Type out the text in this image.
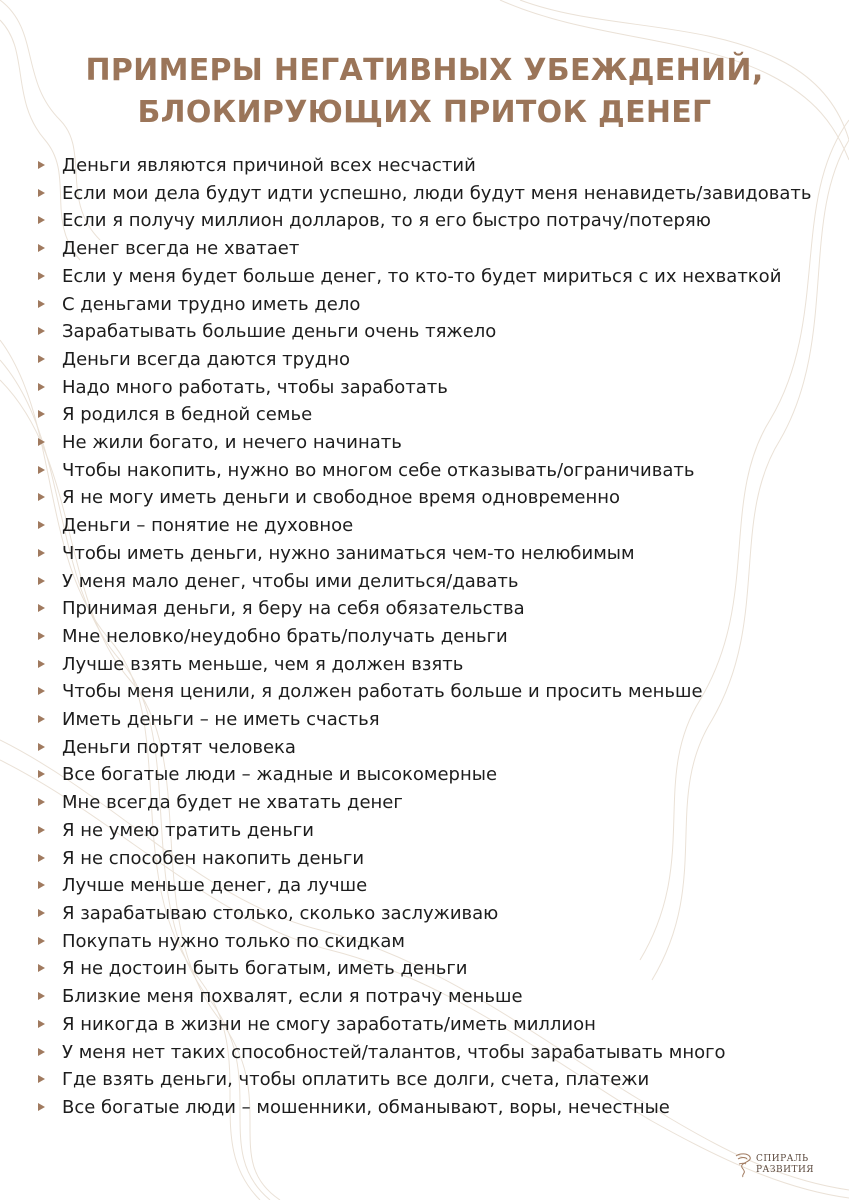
ПРИМЕРЫ НЕГАТИВНЫХ УБЕЖДЕНИЙ,
БЛОКИРУЮЩИХ ПРИТОК ДЕНЕГ
Деньги являются причиной всех несчастий
Если мои дела будут идти успешно, люди будут меня ненавидеть/завидовать
Если я получу миллион долларов, то я его быстро потрачу/потеряю
Денег всегда не хватает
Если у меня будет больше денег, то кто-то будет мириться с их нехваткой
С деньгами трудно иметь дело
Зарабатывать большие деньги очень тяжело
Деньги всегда даются трудно
Надо много работать, чтобы заработать
Я родился в бедной семье
Не жили богато, и нечего начинать
Чтобы накопить, нужно во многом себе отказывать/ограничивать
Я не могу иметь деньги и свободное время одновременно
Деньги – понятие не духовное
Чтобы иметь деньги, нужно заниматься чем-то нелюбимым
У меня мало денег, чтобы ими делиться/давать
Принимая деньги, я беру на себя обязательства
Мне неловко/неудобно брать/получать деньги
Лучше взять меньше, чем я должен взять
Чтобы меня ценили, я должен работать больше и просить меньше
Иметь деньги – не иметь счастья
Деньги портят человека
Все богатые люди – жадные и высокомерные
Мне всегда будет не хватать денег
Я не умею тратить деньги
Я не способен накопить деньги
Лучше меньше денег, да лучше
Я зарабатываю столько, сколько заслуживаю
Покупать нужно только по скидкам
Я не достоин быть богатым, иметь деньги
Близкие меня похвалят, если я потрачу меньше
Я никогда в жизни не смогу заработать/иметь миллион
У меня нет таких способностей/талантов, чтобы зарабатывать много
Где взять деньги, чтобы оплатить все долги, счета, платежи
Все богатые люди – мошенники, обманывают, воры, нечестные
СПИРАЛЬ
РАЗВИТИЯ
